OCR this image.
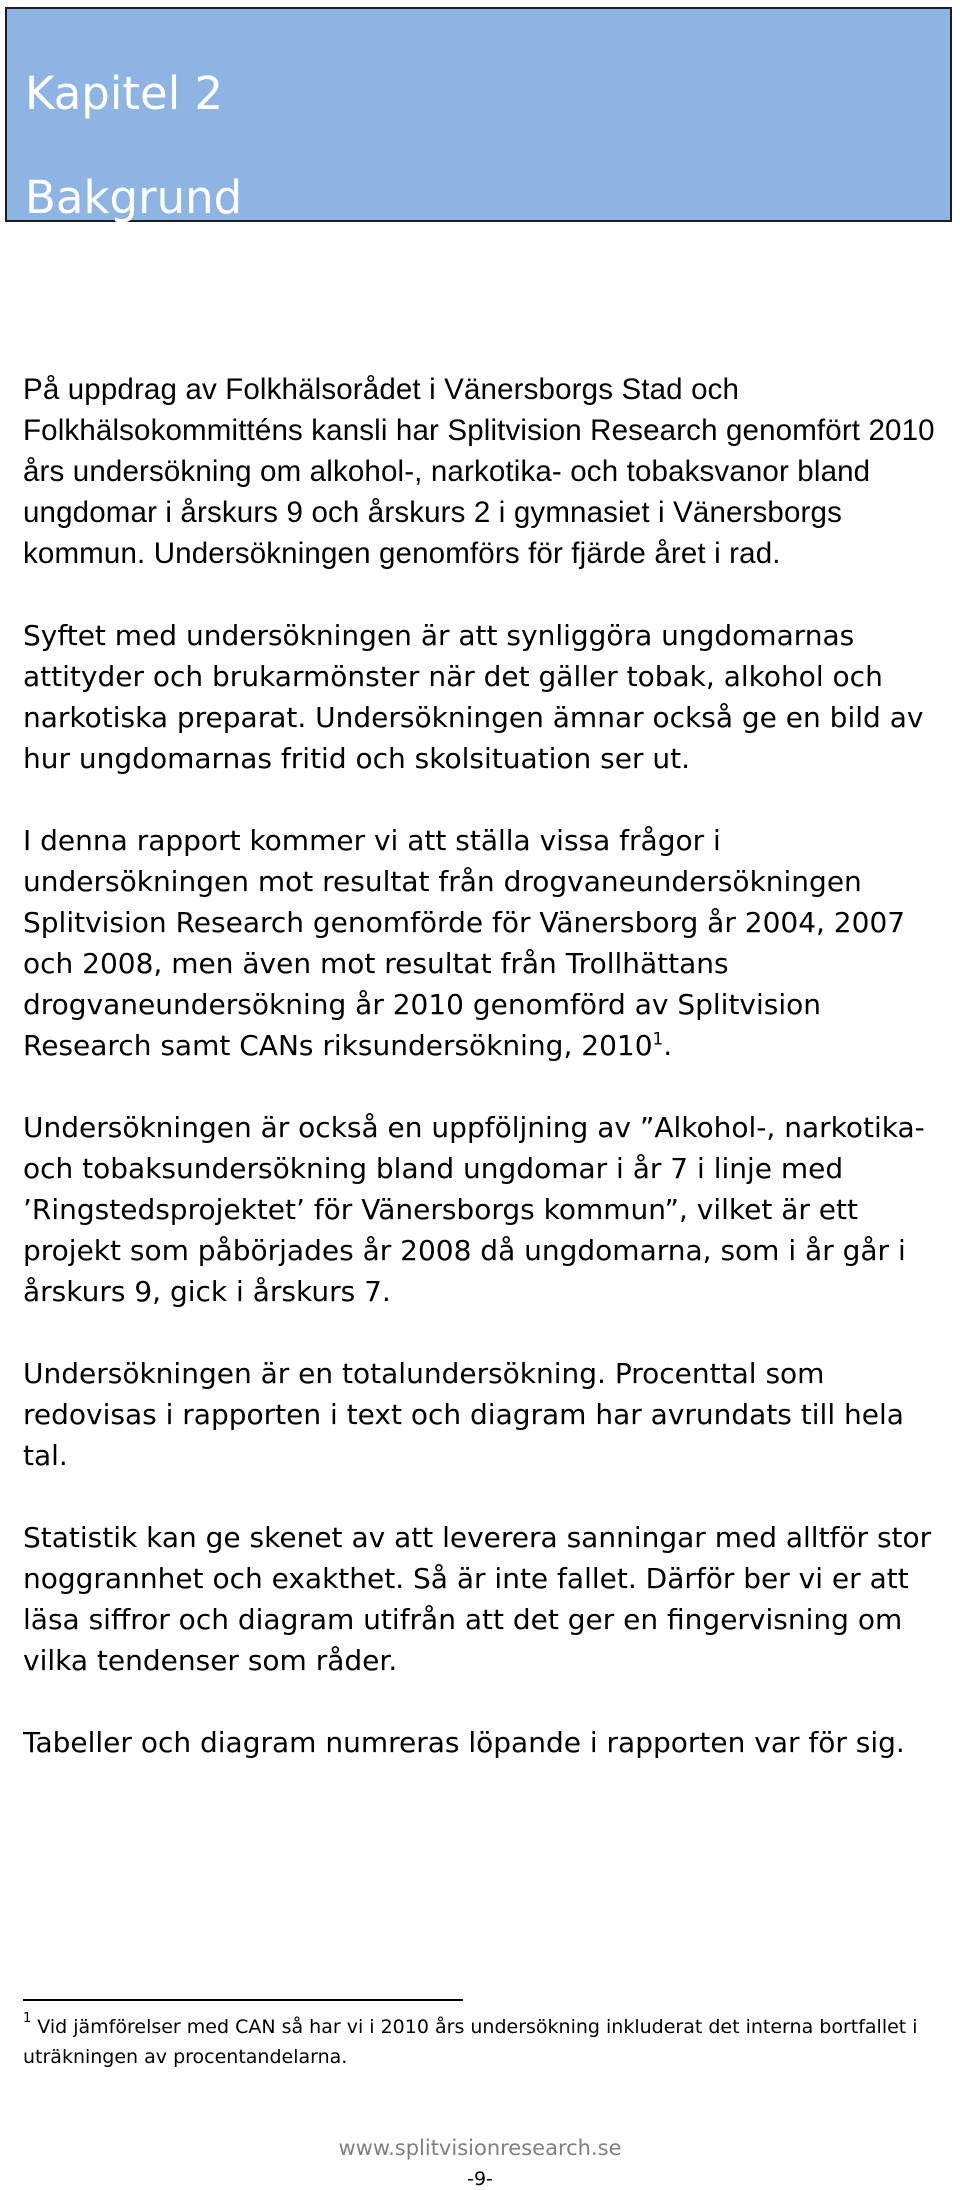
Kapitel 2
Bakgrund

På uppdrag av Folkhälsorådet i Vänersborgs Stad och Folkhälsokommitténs kansli har Splitvision Research genomfört 2010 års undersökning om alkohol-, narkotika- och tobaksvanor bland ungdomar i årskurs 9 och årskurs 2 i gymnasiet i Vänersborgs kommun. Undersökningen genomförs för fjärde året i rad.

Syftet med undersökningen är att synliggöra ungdomarnas attityder och brukarmönster när det gäller tobak, alkohol och narkotiska preparat. Undersökningen ämnar också ge en bild av hur ungdomarnas fritid och skolsituation ser ut.

I denna rapport kommer vi att ställa vissa frågor i undersökningen mot resultat från drogvaneundersökningen Splitvision Research genomförde för Vänersborg år 2004, 2007 och 2008, men även mot resultat från Trollhättans drogvaneundersökning år 2010 genomförd av Splitvision Research samt CANs riksundersökning, 2010$^1$.

Undersökningen är också en uppföljning av ”Alkohol-, narkotika- och tobaksundersökning bland ungdomar i år 7 i linje med ’Ringstedsprojektet’ för Vänersborgs kommun”, vilket är ett projekt som påbörjades år 2008 då ungdomarna, som i år går i årskurs 9, gick i årskurs 7.

Undersökningen är en totalundersökning. Procenttal som redovisas i rapporten i text och diagram har avrundats till hela tal.

Statistik kan ge skenet av att leverera sanningar med alltför stor noggrannhet och exakthet. Så är inte fallet. Därför ber vi er att läsa siffror och diagram utifrån att det ger en fingervisning om vilka tendenser som råder.

Tabeller och diagram numreras löpande i rapporten var för sig.

$^1$ Vid jämförelser med CAN så har vi i 2010 års undersökning inkluderat det interna bortfallet i uträkningen av procentandelarna.
www.splitvisionresearch.se
-9-
